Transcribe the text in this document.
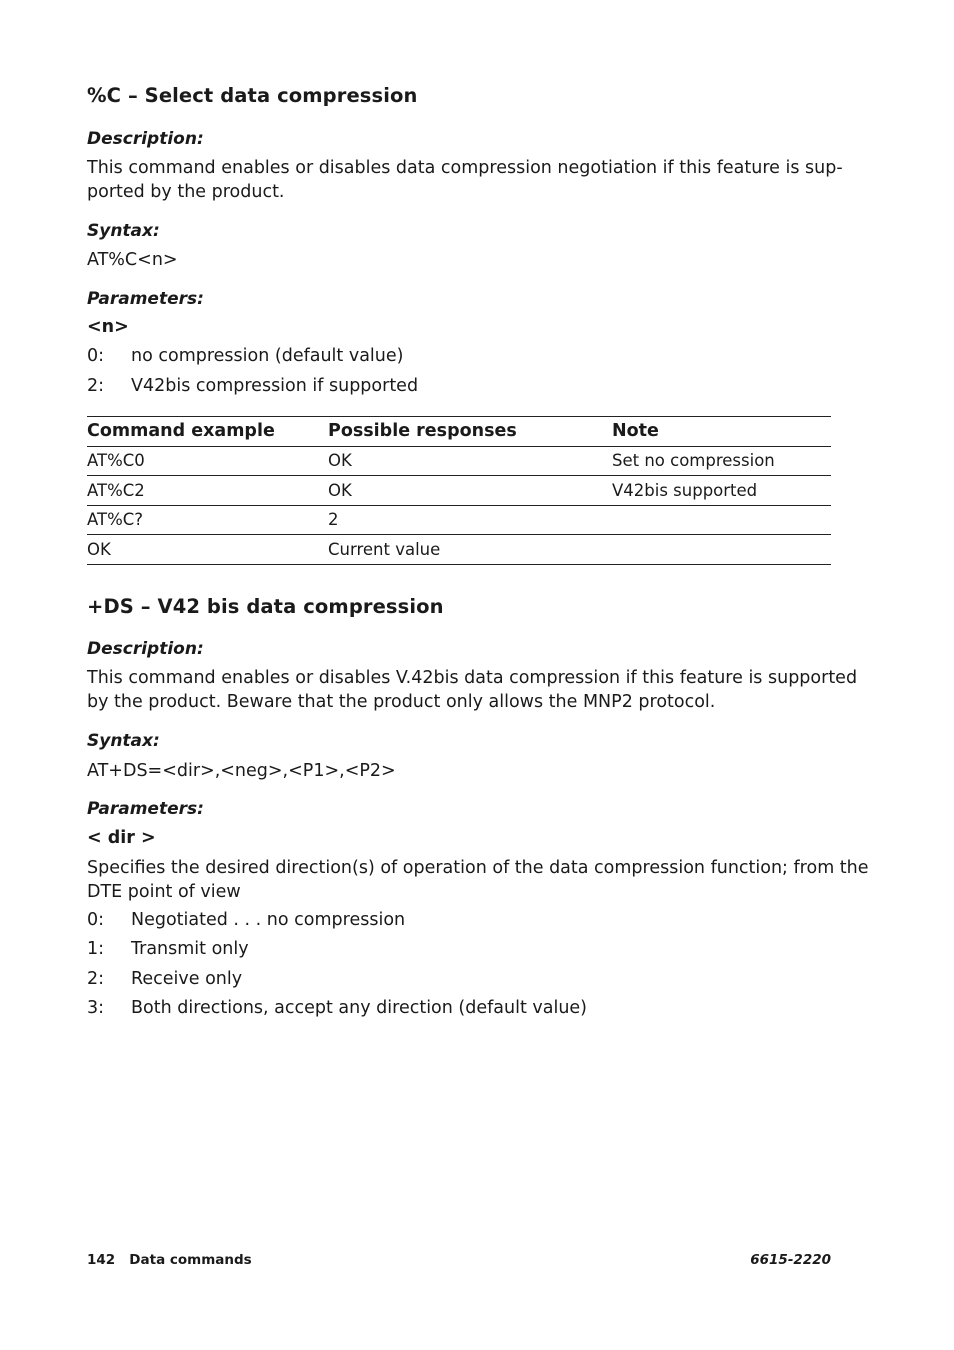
%C – Select data compression
Description:
This command enables or disables data compression negotiation if this feature is sup-
ported by the product.
Syntax:
AT%C<n>
Parameters:
<n>
0: no compression (default value)
2: V42bis compression if supported
Command example	Possible responses	Note
AT%C0	OK	Set no compression
AT%C2	OK	V42bis supported
AT%C?	2	
OK	Current value	
+DS – V42 bis data compression
Description:
This command enables or disables V.42bis data compression if this feature is supported
by the product. Beware that the product only allows the MNP2 protocol.
Syntax:
AT+DS=<dir>,<neg>,<P1>,<P2>
Parameters:
< dir >
Specifies the desired direction(s) of operation of the data compression function; from the
DTE point of view
0: Negotiated . . . no compression
1: Transmit only
2: Receive only
3: Both directions, accept any direction (default value)
142 Data commands	6615-2220
